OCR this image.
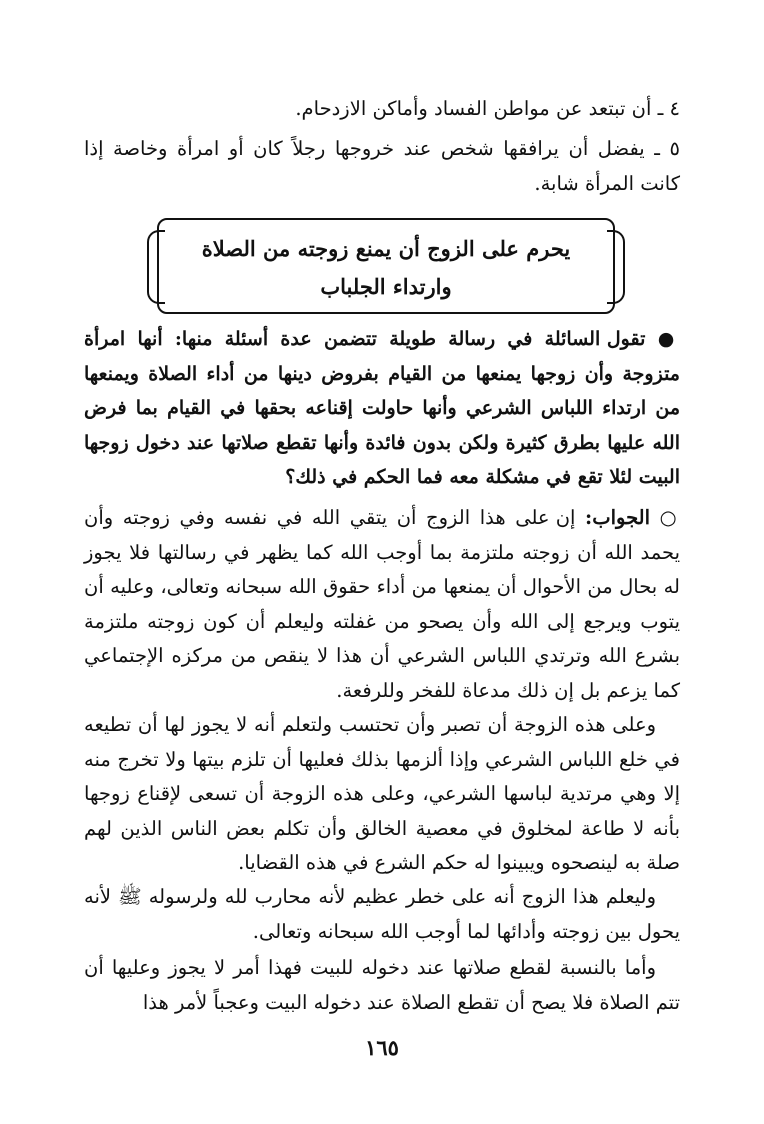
٤ ـ أن تبتعد عن مواطن الفساد وأماكن الازدحام.

٥ ـ يفضل أن يرافقها شخص عند خروجها رجلاً كان أو امرأة وخاصة إذا كانت المرأة شابة.

يحرم على الزوج أن يمنع زوجته من الصلاة
وارتداء الجلباب

● تقول السائلة في رسالة طويلة تتضمن عدة أسئلة منها: أنها امرأة متزوجة وأن زوجها يمنعها من القيام بفروض دينها من أداء الصلاة ويمنعها من ارتداء اللباس الشرعي وأنها حاولت إقناعه بحقها في القيام بما فرض الله عليها بطرق كثيرة ولكن بدون فائدة وأنها تقطع صلاتها عند دخول زوجها البيت لئلا تقع في مشكلة معه فما الحكم في ذلك؟

○ الجواب: إن على هذا الزوج أن يتقي الله في نفسه وفي زوجته وأن يحمد الله أن زوجته ملتزمة بما أوجب الله كما يظهر في رسالتها فلا يجوز له بحال من الأحوال أن يمنعها من أداء حقوق الله سبحانه وتعالى، وعليه أن يتوب ويرجع إلى الله وأن يصحو من غفلته وليعلم أن كون زوجته ملتزمة بشرع الله وترتدي اللباس الشرعي أن هذا لا ينقص من مركزه الإجتماعي كما يزعم بل إن ذلك مدعاة للفخر وللرفعة.

وعلى هذه الزوجة أن تصبر وأن تحتسب ولتعلم أنه لا يجوز لها أن تطيعه في خلع اللباس الشرعي وإذا ألزمها بذلك فعليها أن تلزم بيتها ولا تخرج منه إلا وهي مرتدية لباسها الشرعي، وعلى هذه الزوجة أن تسعى لإقناع زوجها بأنه لا طاعة لمخلوق في معصية الخالق وأن تكلم بعض الناس الذين لهم صلة به لينصحوه ويبينوا له حكم الشرع في هذه القضايا.

وليعلم هذا الزوج أنه على خطر عظيم لأنه محارب لله ولرسوله ﷺ لأنه يحول بين زوجته وأدائها لما أوجب الله سبحانه وتعالى.

وأما بالنسبة لقطع صلاتها عند دخوله للبيت فهذا أمر لا يجوز وعليها أن تتم الصلاة فلا يصح أن تقطع الصلاة عند دخوله البيت وعجباً لأمر هذا

١٦٥
